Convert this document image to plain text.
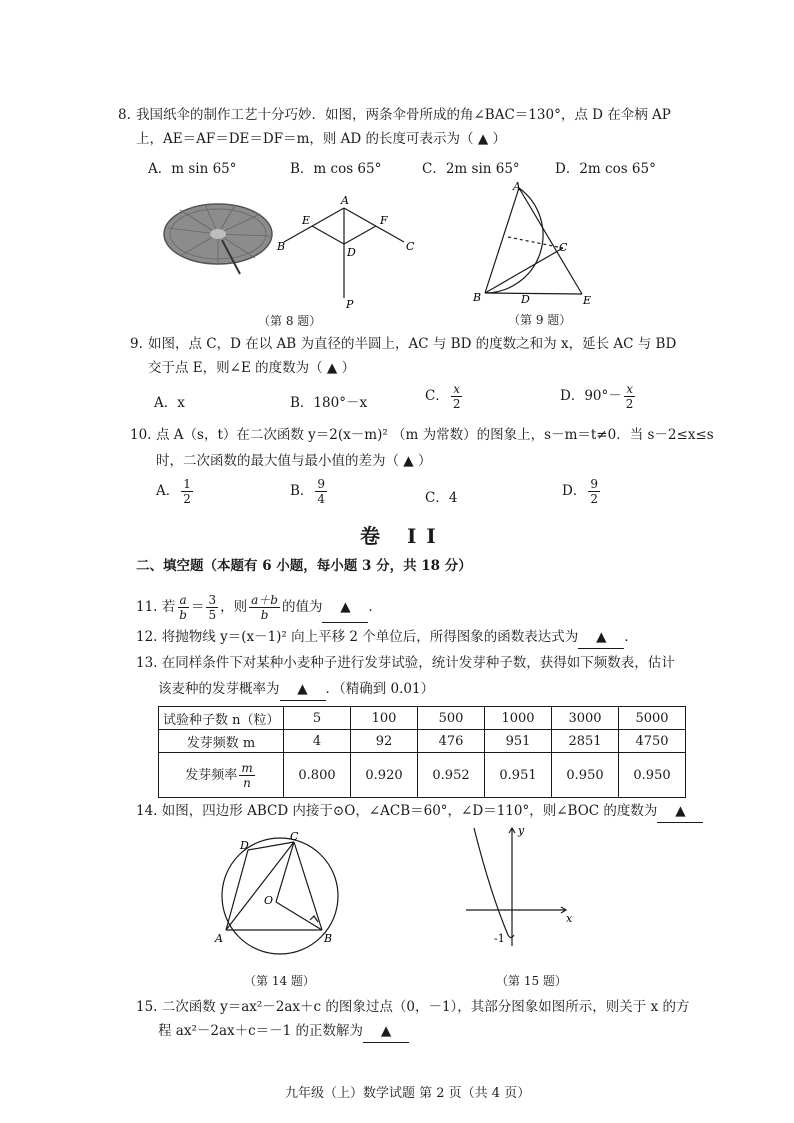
8. 我国纸伞的制作工艺十分巧妙．如图，两条伞骨所成的角∠BAC＝130°，点 D 在伞柄 AP
上，AE＝AF＝DE＝DF＝m，则 AD 的长度可表示为（ ▲ ）
A．m sin 65°	B．m cos 65°	C．2m sin 65°	D．2m cos 65°
A
E	F
B	C
D
P
（第 8 题）
A
C
B	D	E
（第 9 题）
9. 如图，点 C，D 在以 AB 为直径的半圆上，AC 与 BD 的度数之和为 x，延长 AC 与 BD
交于点 E，则∠E 的度数为（ ▲ ）
A．x	B．180°－x	C． $\frac{x}{2}$	D．$90^\circ- \frac{x}{2}$
10. 点 A（s，t）在二次函数 y＝2(x－m)² （m 为常数）的图象上，s－m＝t≠0．当 s－2≤x≤s
时，二次函数的最大值与最小值的差为（ ▲ ）
A． $\frac{1}{2}$	B． $\frac{9}{4}$	C．4	D． $\frac{9}{2}$
卷 II
二、填空题（本题有 6 小题，每小题 3 分，共 18 分）
11. 若 $\frac{a}{b} = \frac{3}{5}$ ，则 $\frac{a+b}{b}$ 的值为 ▲ ．
12. 将抛物线 y＝(x－1)² 向上平移 2 个单位后，所得图象的函数表达式为 ▲ ．
13. 在同样条件下对某种小麦种子进行发芽试验，统计发芽种子数，获得如下频数表，估计
该麦种的发芽概率为 ▲ ．（精确到 0.01）
试验种子数 n（粒）	5	100	500	1000	3000	5000
发芽频数 m	4	92	476	951	2851	4750
发芽频率 $\frac{m}{n}$	0.800	0.920	0.952	0.951	0.950	0.950
14. 如图，四边形 ABCD 内接于⊙O，∠ACB＝60°，∠D＝110°，则∠BOC 的度数为 ▲
D
C
O
A	B
（第 14 题）
y
x
-1
（第 15 题）
15. 二次函数 y＝ax²－2ax＋c 的图象过点（0，－1），其部分图象如图所示，则关于 x 的方
程 ax²－2ax＋c＝－1 的正数解为 ▲
九年级（上）数学试题 第 2 页（共 4 页）
